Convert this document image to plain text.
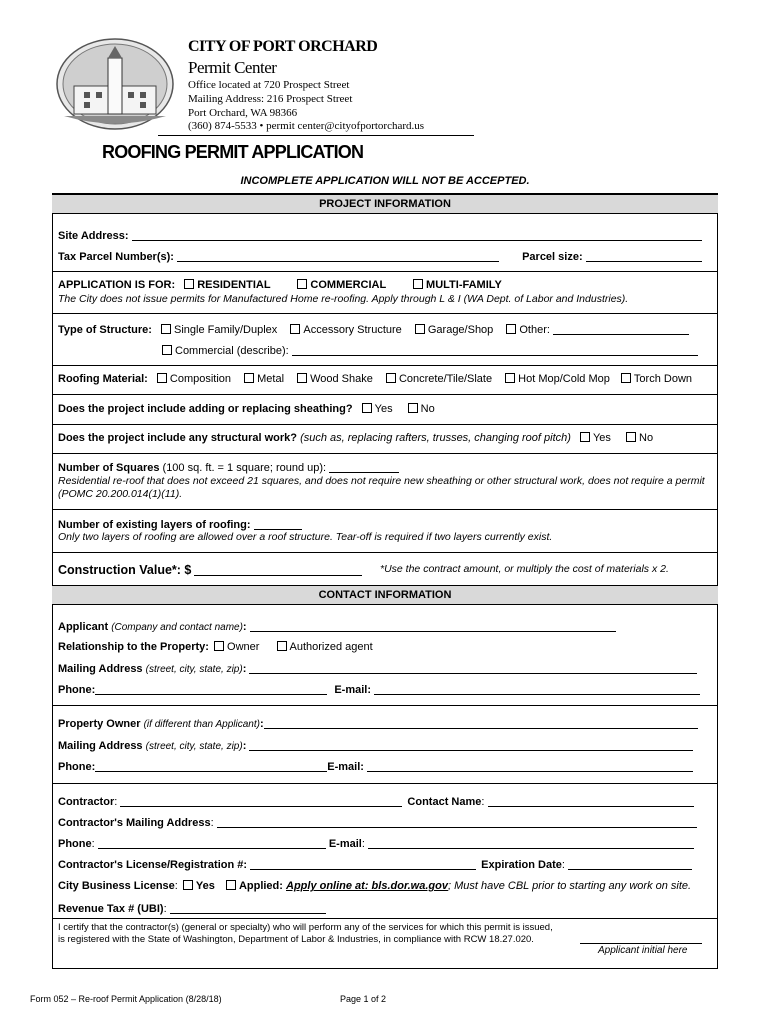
CITY OF PORT ORCHARD
Permit Center
Office located at 720 Prospect Street
Mailing Address: 216 Prospect Street
Port Orchard, WA 98366
(360) 874-5533 • permit center@cityofportorchard.us
ROOFING PERMIT APPLICATION
INCOMPLETE APPLICATION WILL NOT BE ACCEPTED.
PROJECT INFORMATION
Site Address:
Tax Parcel Number(s):	Parcel size:
APPLICATION IS FOR: RESIDENTIAL	COMMERCIAL	MULTI-FAMILY
The City does not issue permits for Manufactured Home re-roofing. Apply through L & I (WA Dept. of Labor and Industries).
Type of Structure: Single Family/Duplex Accessory Structure Garage/Shop Other:
Commercial (describe):
Roofing Material: Composition Metal Wood Shake Concrete/Tile/Slate Hot Mop/Cold Mop Torch Down
Does the project include adding or replacing sheathing? Yes	No
Does the project include any structural work? (such as, replacing rafters, trusses, changing roof pitch) Yes	No
Number of Squares (100 sq. ft. = 1 square; round up):
Residential re-roof that does not exceed 21 squares, and does not require new sheathing or other structural work, does not require a permit (POMC 20.200.014(1)(11).
Number of existing layers of roofing:
Only two layers of roofing are allowed over a roof structure. Tear-off is required if two layers currently exist.
Construction Value*: $	*Use the contract amount, or multiply the cost of materials x 2.
CONTACT INFORMATION
Applicant (Company and contact name):
Relationship to the Property: Owner	Authorized agent
Mailing Address (street, city, state, zip):
Phone:	E-mail:
Property Owner (if different than Applicant):
Mailing Address (street, city, state, zip):
Phone:	E-mail:
Contractor:	Contact Name:
Contractor's Mailing Address:
Phone:	E-mail:
Contractor's License/Registration #:	Expiration Date:
City Business License: Yes Applied: Apply online at: bls.dor.wa.gov; Must have CBL prior to starting any work on site.
Revenue Tax # (UBI):
I certify that the contractor(s) (general or specialty) who will perform any of the services for which this permit is issued,
is registered with the State of Washington, Department of Labor & Industries, in compliance with RCW 18.27.020.
Applicant initial here
Form 052 – Re-roof Permit Application (8/28/18)	Page 1 of 2
